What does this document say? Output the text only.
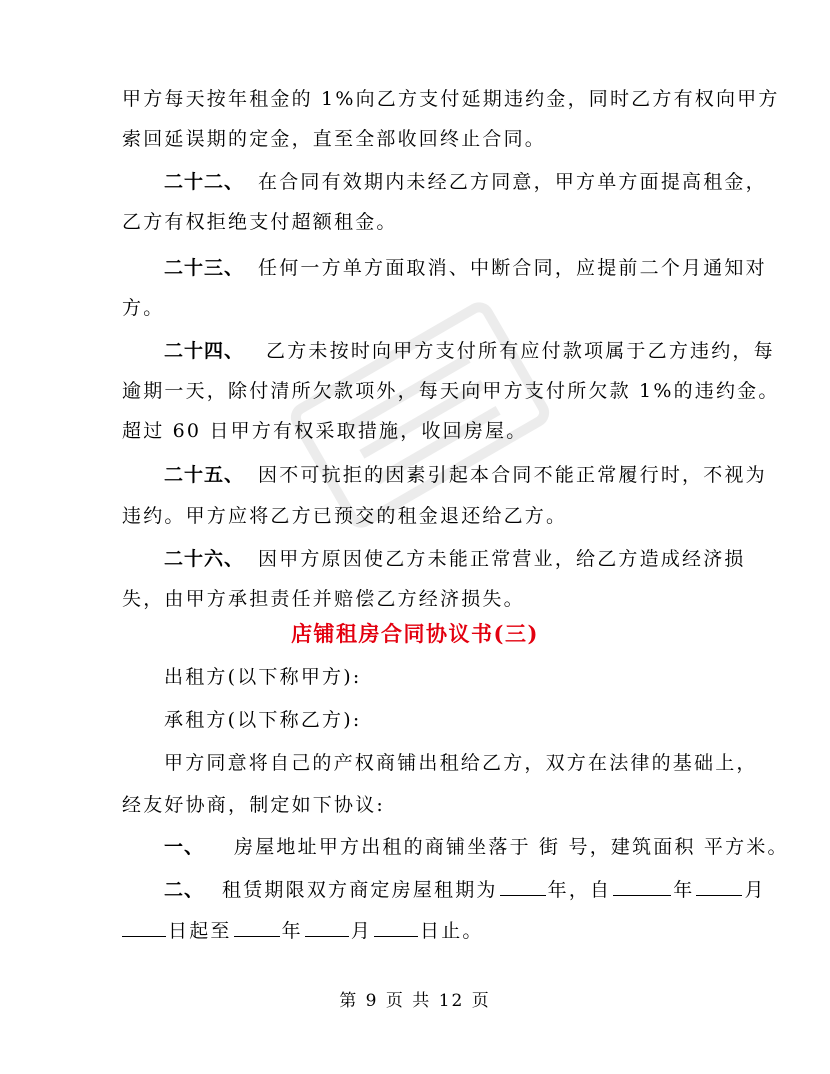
甲方每天按年租金的 1%向乙方支付延期违约金，同时乙方有权向甲方
索回延误期的定金，直至全部收回终止合同。
二十二、 在合同有效期内未经乙方同意，甲方单方面提高租金，
乙方有权拒绝支付超额租金。
二十三、 任何一方单方面取消、中断合同，应提前二个月通知对
方。
二十四、 乙方未按时向甲方支付所有应付款项属于乙方违约，每
逾期一天，除付清所欠款项外，每天向甲方支付所欠款 1%的违约金。
超过 60 日甲方有权采取措施，收回房屋。
二十五、 因不可抗拒的因素引起本合同不能正常履行时，不视为
违约。甲方应将乙方已预交的租金退还给乙方。
二十六、 因甲方原因使乙方未能正常营业，给乙方造成经济损
失，由甲方承担责任并赔偿乙方经济损失。
店铺租房合同协议书(三)
出租方(以下称甲方):
承租方(以下称乙方):
甲方同意将自己的产权商铺出租给乙方，双方在法律的基础上，
经友好协商，制定如下协议:
一、 房屋地址甲方出租的商铺坐落于 街 号，建筑面积 平方米。
二、 租赁期限双方商定房屋租期为	年，自	年	月
日起至	年	月	日止。
第 9 页 共 12 页
